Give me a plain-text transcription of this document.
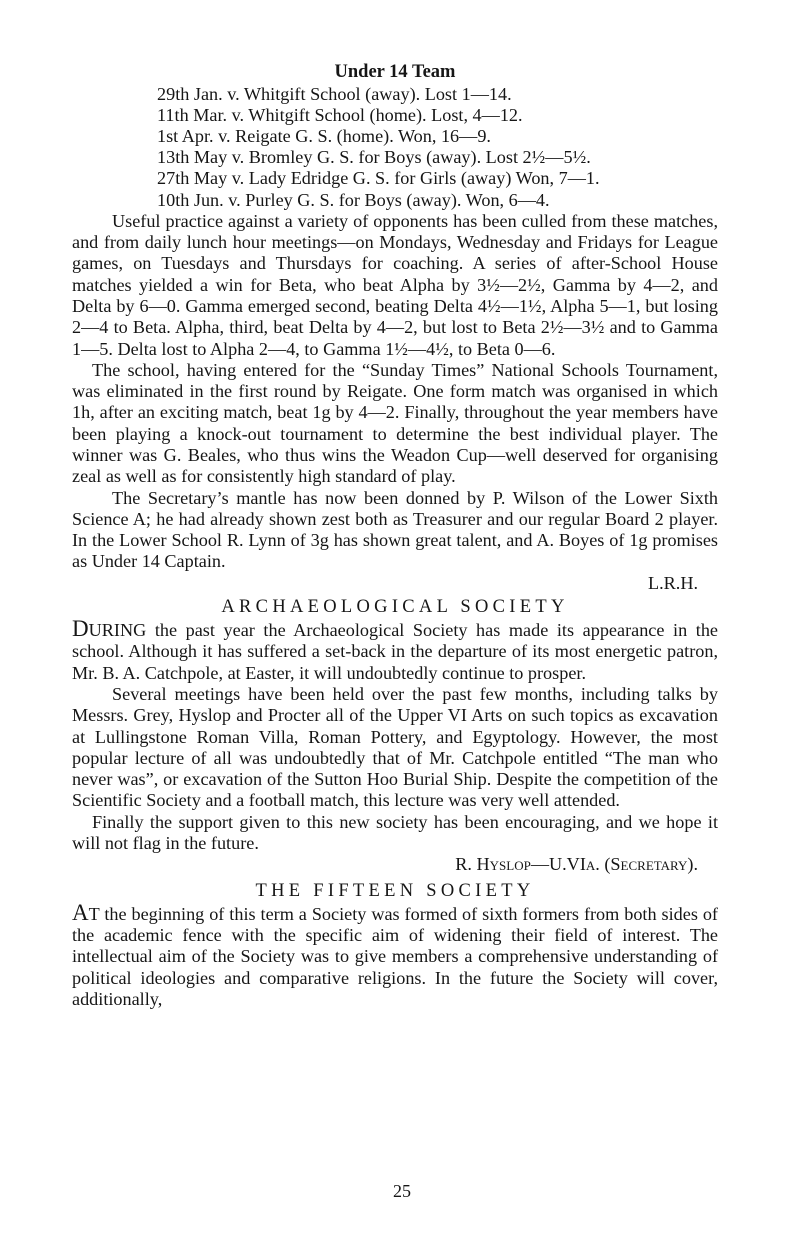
Under 14 Team

29th Jan. v. Whitgift School (away). Lost 1—14.

11th Mar. v. Whitgift School (home). Lost, 4—12.

1st Apr. v. Reigate G. S. (home). Won, 16—9.

13th May v. Bromley G. S. for Boys (away). Lost 2½—5½.

27th May v. Lady Edridge G. S. for Girls (away) Won, 7—1.

10th Jun. v. Purley G. S. for Boys (away). Won, 6—4.

Useful practice against a variety of opponents has been culled from these matches, and from daily lunch hour meetings—on Mondays, Wednesday and Fridays for League games, on Tuesdays and Thursdays for coaching. A series of after-School House matches yielded a win for Beta, who beat Alpha by 3½—2½, Gamma by 4—2, and Delta by 6—0. Gamma emerged second, beating Delta 4½—1½, Alpha 5—1, but losing 2—4 to Beta. Alpha, third, beat Delta by 4—2, but lost to Beta 2½—3½ and to Gamma 1—5. Delta lost to Alpha 2—4, to Gamma 1½—4½, to Beta 0—6.

The school, having entered for the “Sunday Times” National Schools Tournament, was eliminated in the first round by Reigate. One form match was organised in which 1h, after an exciting match, beat 1g by 4—2. Finally, throughout the year members have been playing a knock-out tournament to determine the best individual player. The winner was G. Beales, who thus wins the Weadon Cup—well deserved for organising zeal as well as for consistently high standard of play.

The Secretary’s mantle has now been donned by P. Wilson of the Lower Sixth Science A; he had already shown zest both as Treasurer and our regular Board 2 player. In the Lower School R. Lynn of 3g has shown great talent, and A. Boyes of 1g promises as Under 14 Captain.

L.R.H.

ARCHAEOLOGICAL SOCIETY

DURING the past year the Archaeological Society has made its appearance in the school. Although it has suffered a set-back in the departure of its most energetic patron, Mr. B. A. Catchpole, at Easter, it will undoubtedly continue to prosper.

Several meetings have been held over the past few months, including talks by Messrs. Grey, Hyslop and Procter all of the Upper VI Arts on such topics as excavation at Lullingstone Roman Villa, Roman Pottery, and Egyptology. However, the most popular lecture of all was undoubtedly that of Mr. Catchpole entitled “The man who never was”, or excavation of the Sutton Hoo Burial Ship. Despite the competition of the Scientific Society and a football match, this lecture was very well attended.

Finally the support given to this new society has been encouraging, and we hope it will not flag in the future.

R. Hyslop—U.VIa. (Secretary).

THE FIFTEEN SOCIETY

AT the beginning of this term a Society was formed of sixth formers from both sides of the academic fence with the specific aim of widening their field of interest. The intellectual aim of the Society was to give members a comprehensive understanding of political ideologies and comparative religions. In the future the Society will cover, additionally,

25
